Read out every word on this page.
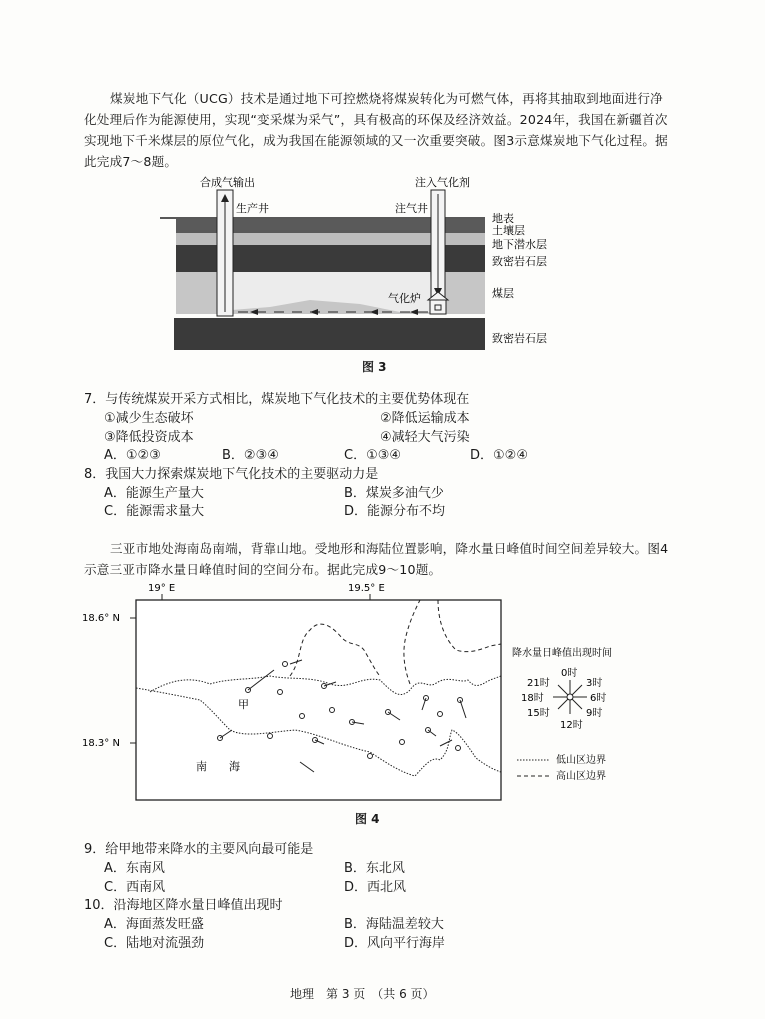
煤炭地下气化（UCG）技术是通过地下可控燃烧将煤炭转化为可燃气体，再将其抽取到地面进行净化处理后作为能源使用，实现“变采煤为采气”，具有极高的环保及经济效益。2024年，我国在新疆首次实现地下千米煤层的原位气化，成为我国在能源领域的又一次重要突破。图3示意煤炭地下气化过程。据此完成7～8题。
合成气输出	注入气化剂
生产井	注气井
气化炉
地表
土壤层
地下潜水层
致密岩石层
煤层
致密岩石层
图 3
7．与传统煤炭开采方式相比，煤炭地下气化技术的主要优势体现在
①减少生态破坏	②降低运输成本
③降低投资成本	④减轻大气污染
A．①②③	B．②③④	C．①③④	D．①②④
8．我国大力探索煤炭地下气化技术的主要驱动力是
A．能源生产量大	B．煤炭多油气少
C．能源需求量大	D．能源分布不均
三亚市地处海南岛南端，背靠山地。受地形和海陆位置影响，降水量日峰值时间空间差异较大。图4示意三亚市降水量日峰值时间的空间分布。据此完成9～10题。
19° E	19.5° E
18.6° N
18.3° N
甲
南　　海
降水量日峰值出现时间
0时
3时
6时
9时
12时
15时
18时
21时
低山区边界
高山区边界
图 4
9．给甲地带来降水的主要风向最可能是
A．东南风	B．东北风
C．西南风	D．西北风
10．沿海地区降水量日峰值出现时
A．海面蒸发旺盛	B．海陆温差较大
C．陆地对流强劲	D．风向平行海岸
地理　第 3 页　（共 6 页）
